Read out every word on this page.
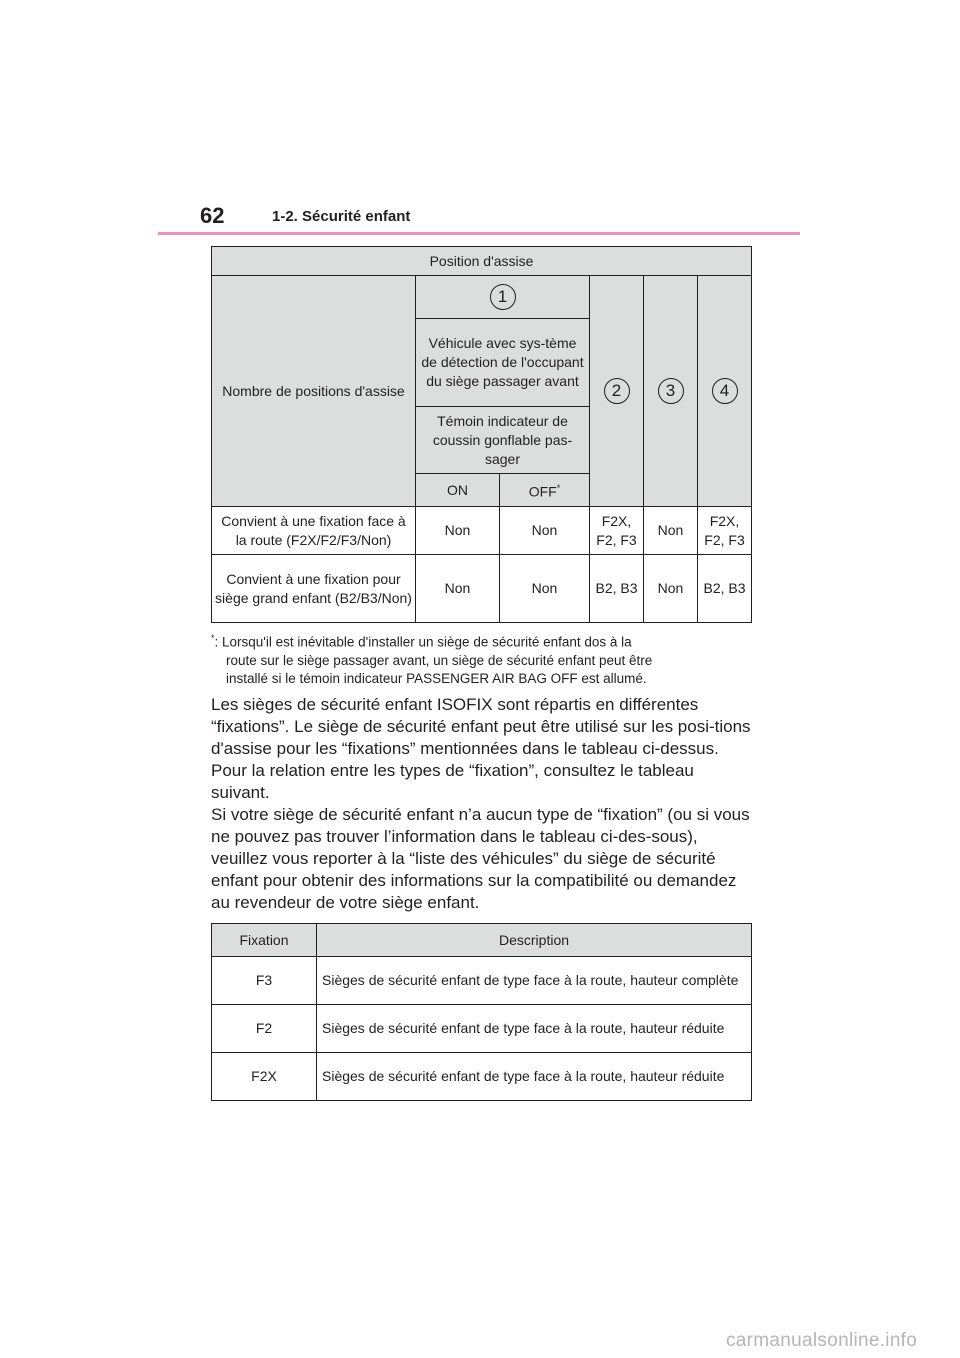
62	1-2. Sécurité enfant
Position d'assise					
Nombre de positions d'assise	1		2	3	4
	Véhicule avec sys-tème de détection de l'occupant du siège passager avant				
	Témoin indicateur de coussin gonflable pas-sager				
	ON	OFF*
Convient à une fixation face à la route (F2X/F2/F3/Non)	Non	Non	F2X, F2, F3	Non	F2X, F2, F3
Convient à une fixation pour siège grand enfant (B2/B3/Non)	Non	Non	B2, B3	Non	B2, B3
*: Lorsqu'il est inévitable d'installer un siège de sécurité enfant dos à la
route sur le siège passager avant, un siège de sécurité enfant peut être
installé si le témoin indicateur PASSENGER AIR BAG OFF est allumé.

Les sièges de sécurité enfant ISOFIX sont répartis en différentes “fixations”. Le siège de sécurité enfant peut être utilisé sur les posi-tions d'assise pour les “fixations” mentionnées dans le tableau ci-dessus. Pour la relation entre les types de “fixation”, consultez le tableau suivant.

Si votre siège de sécurité enfant n’a aucun type de “fixation” (ou si vous ne pouvez pas trouver l’information dans le tableau ci-des-sous), veuillez vous reporter à la “liste des véhicules” du siège de sécurité enfant pour obtenir des informations sur la compatibilité ou demandez au revendeur de votre siège enfant.

Fixation	Description
F3	Sièges de sécurité enfant de type face à la route, hauteur complète
F2	Sièges de sécurité enfant de type face à la route, hauteur réduite
F2X	Sièges de sécurité enfant de type face à la route, hauteur réduite
carmanualsonline.info
